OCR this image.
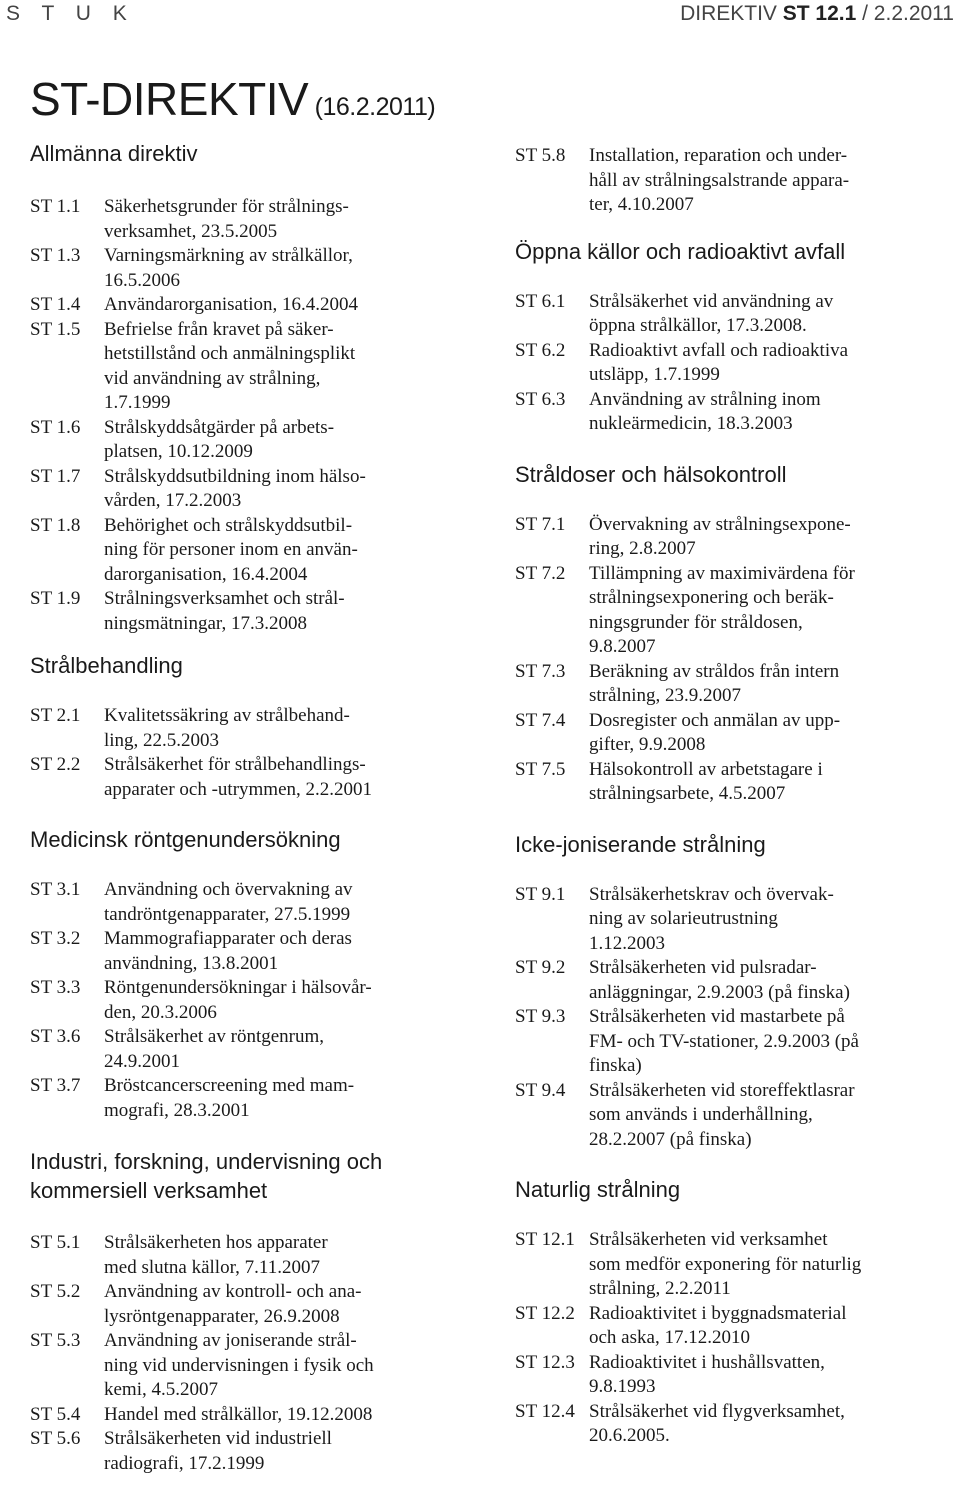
S T U K	DIREKTIV ST 12.1 / 2.2.2011
ST-DIREKTIV (16.2.2011)
Allmänna direktiv
ST 1.1	Säkerhetsgrunder för strålnings-
verksamhet, 23.5.2005
ST 1.3	Varningsmärkning av strålkällor,
16.5.2006
ST 1.4	Användarorganisation, 16.4.2004
ST 1.5	Befrielse från kravet på säker-
hetstillstånd och anmälningsplikt
vid användning av strålning,
1.7.1999
ST 1.6	Strålskyddsåtgärder på arbets-
platsen, 10.12.2009
ST 1.7	Strålskyddsutbildning inom hälso-
vården, 17.2.2003
ST 1.8	Behörighet och strålskyddsutbil-
ning för personer inom en använ-
darorganisation, 16.4.2004
ST 1.9	Strålningsverksamhet och strål-
ningsmätningar, 17.3.2008
Strålbehandling
ST 2.1	Kvalitetssäkring av strålbehand-
ling, 22.5.2003
ST 2.2	Strålsäkerhet för strålbehandlings-
apparater och -utrymmen, 2.2.2001
Medicinsk röntgenundersökning
ST 3.1	Användning och övervakning av
tandröntgenapparater, 27.5.1999
ST 3.2	Mammografiapparater och deras
användning, 13.8.2001
ST 3.3	Röntgenundersökningar i hälsovår-
den, 20.3.2006
ST 3.6	Strålsäkerhet av röntgenrum,
24.9.2001
ST 3.7	Bröstcancerscreening med mam-
mografi, 28.3.2001
Industri, forskning, undervisning och kommersiell verksamhet
ST 5.1	Strålsäkerheten hos apparater
med slutna källor, 7.11.2007
ST 5.2	Användning av kontroll- och ana-
lysröntgenapparater, 26.9.2008
ST 5.3	Användning av joniserande strål-
ning vid undervisningen i fysik och
kemi, 4.5.2007
ST 5.4	Handel med strålkällor, 19.12.2008
ST 5.6	Strålsäkerheten vid industriell
radiografi, 17.2.1999
ST 5.8	Installation, reparation och under-
håll av strålningsalstrande appara-
ter, 4.10.2007
Öppna källor och radioaktivt avfall
ST 6.1	Strålsäkerhet vid användning av
öppna strålkällor, 17.3.2008.
ST 6.2	Radioaktivt avfall och radioaktiva
utsläpp, 1.7.1999
ST 6.3	Användning av strålning inom
nukleärmedicin, 18.3.2003
Stråldoser och hälsokontroll
ST 7.1	Övervakning av strålningsexpone-
ring, 2.8.2007
ST 7.2	Tillämpning av maximivärdena för
strålningsexponering och beräk-
ningsgrunder för stråldosen,
9.8.2007
ST 7.3	Beräkning av stråldos från intern
strålning, 23.9.2007
ST 7.4	Dosregister och anmälan av upp-
gifter, 9.9.2008
ST 7.5	Hälsokontroll av arbetstagare i
strålningsarbete, 4.5.2007
Icke-joniserande strålning
ST 9.1	Strålsäkerhetskrav och övervak-
ning av solarieutrustning
1.12.2003
ST 9.2	Strålsäkerheten vid pulsradar-
anläggningar, 2.9.2003 (på finska)
ST 9.3	Strålsäkerheten vid mastarbete på
FM- och TV-stationer, 2.9.2003 (på
finska)
ST 9.4	Strålsäkerheten vid storeffektlasrar
som används i underhållning,
28.2.2007 (på finska)
Naturlig strålning
ST 12.1 Strålsäkerheten vid verksamhet
som medför exponering för naturlig
strålning, 2.2.2011
ST 12.2 Radioaktivitet i byggnadsmaterial
och aska, 17.12.2010
ST 12.3 Radioaktivitet i hushållsvatten,
9.8.1993
ST 12.4 Strålsäkerhet vid flygverksamhet,
20.6.2005.
